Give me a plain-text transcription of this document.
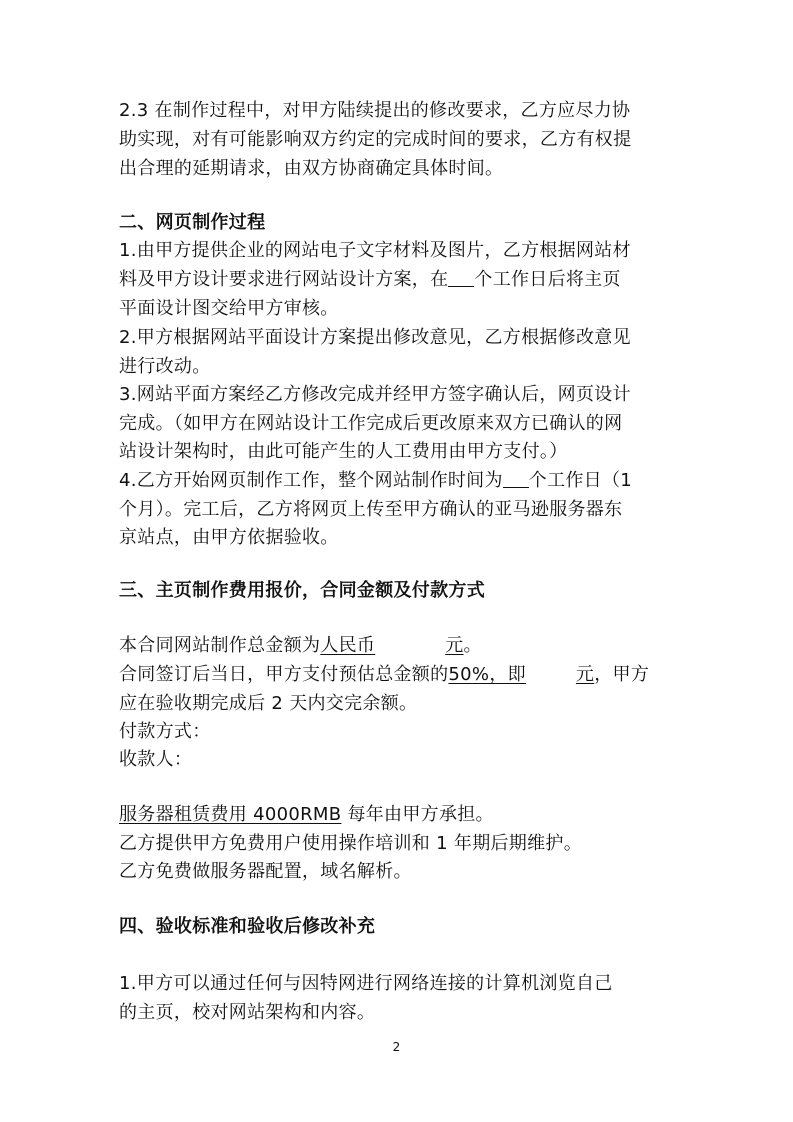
2.3 在制作过程中，对甲方陆续提出的修改要求，乙方应尽力协
助实现，对有可能影响双方约定的完成时间的要求，乙方有权提
出合理的延期请求，由双方协商确定具体时间。
二、网页制作过程
1.由甲方提供企业的网站电子文字材料及图片，乙方根据网站材
料及甲方设计要求进行网站设计方案，在 个工作日后将主页
平面设计图交给甲方审核。
2.甲方根据网站平面设计方案提出修改意见，乙方根据修改意见
进行改动。
3.网站平面方案经乙方修改完成并经甲方签字确认后，网页设计
完成。（如甲方在网站设计工作完成后更改原来双方已确认的网
站设计架构时，由此可能产生的人工费用由甲方支付。）
4.乙方开始网页制作工作，整个网站制作时间为 个工作日（1
个月）。完工后，乙方将网页上传至甲方确认的亚马逊服务器东
京站点，由甲方依据验收。
三、主页制作费用报价，合同金额及付款方式
本合同网站制作总金额为人民币	元。
合同签订后当日，甲方支付预估总金额的50%，即	元，甲方
应在验收期完成后 2 天内交完余额。
付款方式：
收款人：
服务器租赁费用 4000RMB 每年由甲方承担。
乙方提供甲方免费用户使用操作培训和 1 年期后期维护。
乙方免费做服务器配置，域名解析。
四、验收标准和验收后修改补充
1.甲方可以通过任何与因特网进行网络连接的计算机浏览自己
的主页，校对网站架构和内容。
2
